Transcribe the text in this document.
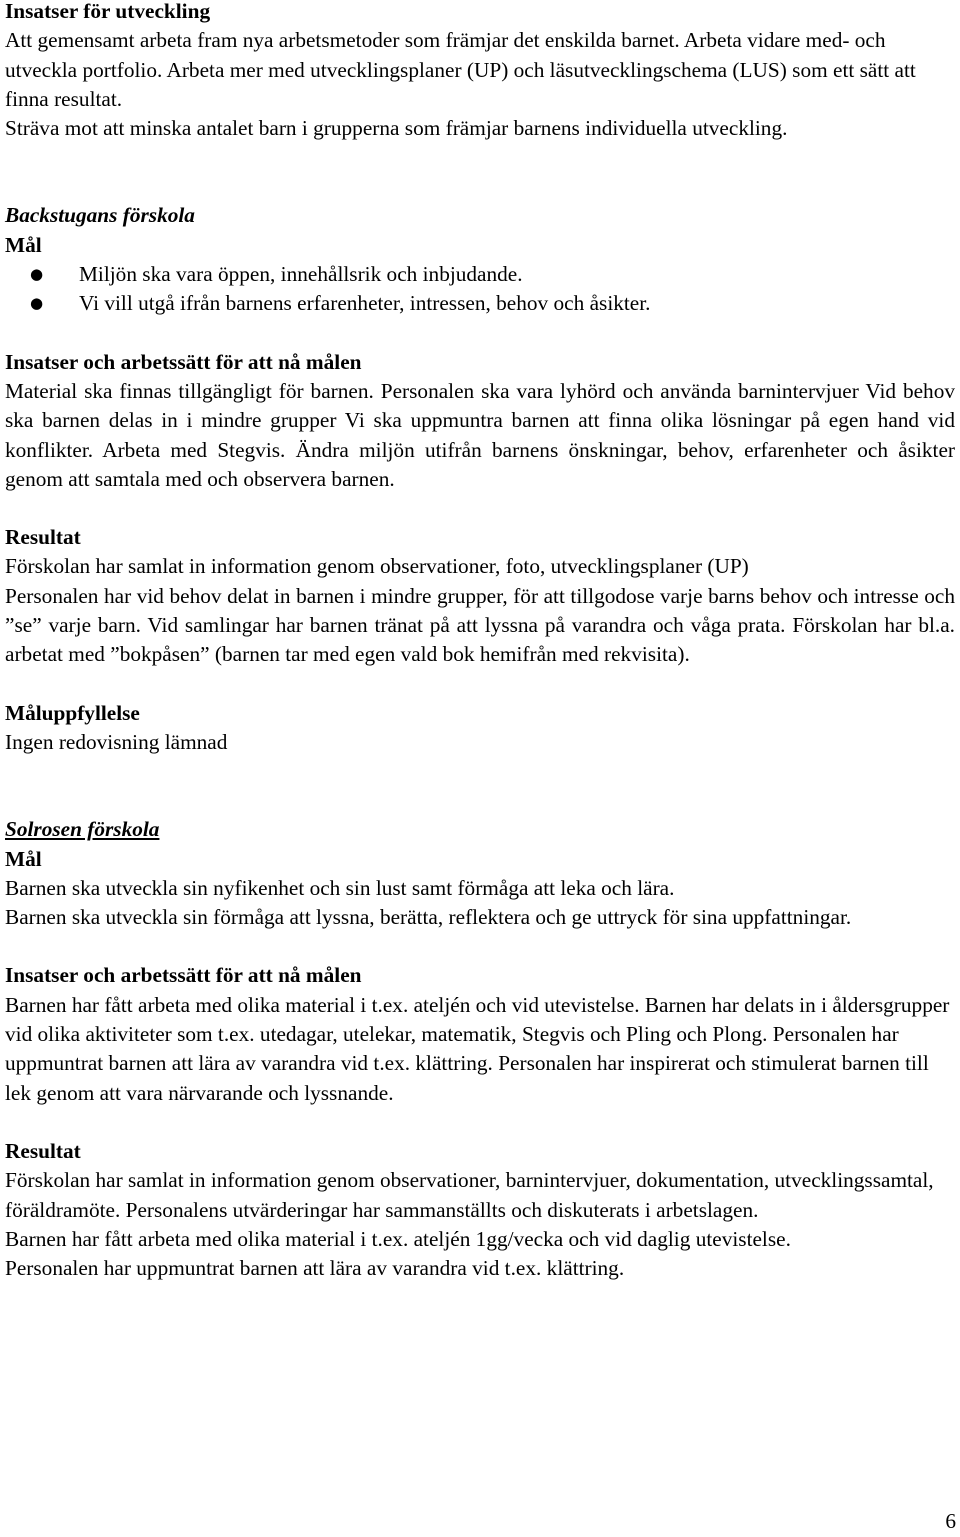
Insatser för utveckling

Att gemensamt arbeta fram nya arbetsmetoder som främjar det enskilda barnet. Arbeta vidare med- och utveckla portfolio. Arbeta mer med utvecklingsplaner (UP) och läsutvecklingschema (LUS) som ett sätt att finna resultat.

Sträva mot att minska antalet barn i grupperna som främjar barnens individuella utveckling.

Backstugans förskola

Mål

● Miljön ska vara öppen, innehållsrik och inbjudande.
● Vi vill utgå ifrån barnens erfarenheter, intressen, behov och åsikter.

Insatser och arbetssätt för att nå målen

Material ska finnas tillgängligt för barnen. Personalen ska vara lyhörd och använda barnintervjuer Vid behov ska barnen delas in i mindre grupper Vi ska uppmuntra barnen att finna olika lösningar på egen hand vid konflikter. Arbeta med Stegvis. Ändra miljön utifrån barnens önskningar, behov, erfarenheter och åsikter genom att samtala med och observera barnen.

Resultat

Förskolan har samlat in information genom observationer, foto, utvecklingsplaner (UP)

Personalen har vid behov delat in barnen i mindre grupper, för att tillgodose varje barns behov och intresse och ”se” varje barn. Vid samlingar har barnen tränat på att lyssna på varandra och våga prata. Förskolan har bl.a. arbetat med ”bokpåsen” (barnen tar med egen vald bok hemifrån med rekvisita).

Måluppfyllelse

Ingen redovisning lämnad

Solrosen förskola

Mål

Barnen ska utveckla sin nyfikenhet och sin lust samt förmåga att leka och lära.

Barnen ska utveckla sin förmåga att lyssna, berätta, reflektera och ge uttryck för sina uppfattningar.

Insatser och arbetssätt för att nå målen

Barnen har fått arbeta med olika material i t.ex. ateljén och vid utevistelse. Barnen har delats in i åldersgrupper vid olika aktiviteter som t.ex. utedagar, utelekar, matematik, Stegvis och Pling och Plong. Personalen har uppmuntrat barnen att lära av varandra vid t.ex. klättring. Personalen har inspirerat och stimulerat barnen till lek genom att vara närvarande och lyssnande.

Resultat

Förskolan har samlat in information genom observationer, barnintervjuer, dokumentation, utvecklingssamtal, föräldramöte. Personalens utvärderingar har sammanställts och diskuterats i arbetslagen.

Barnen har fått arbeta med olika material i t.ex. ateljén 1gg/vecka och vid daglig utevistelse.

Personalen har uppmuntrat barnen att lära av varandra vid t.ex. klättring.

6
